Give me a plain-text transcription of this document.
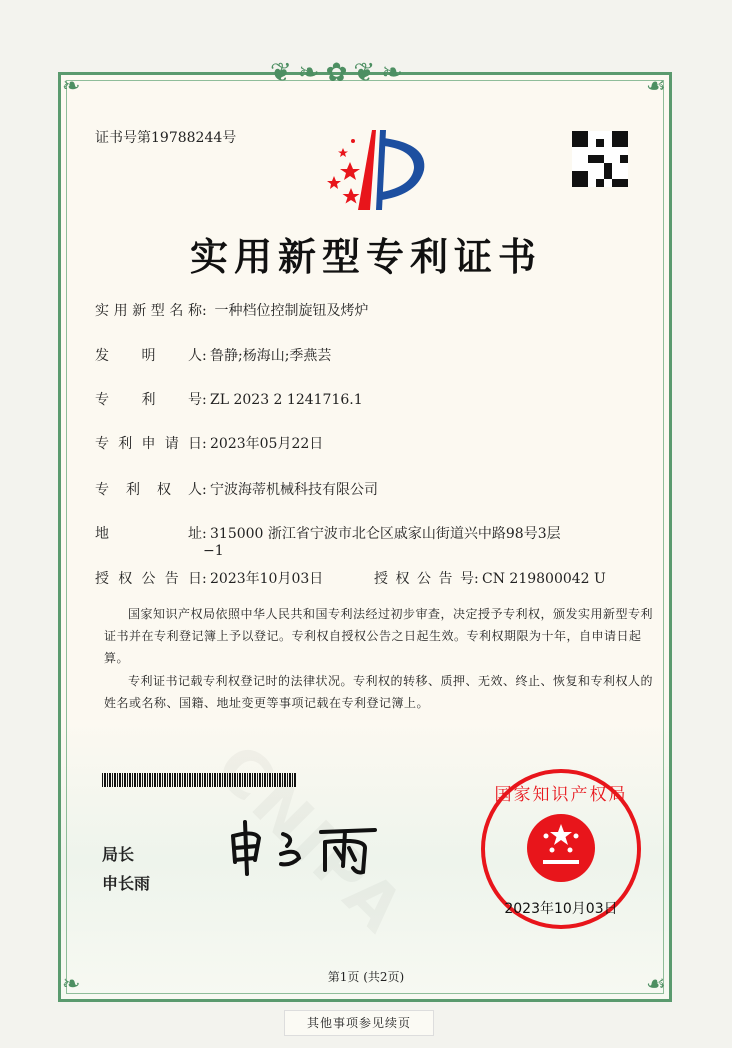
❦❧✿❦❧
❧	☙
❧	☙
证书号第19788244号
实用新型专利证书
实用新型名称: 一种档位控制旋钮及烤炉
发明人: 鲁静;杨海山;季燕芸
专利号: ZL 2023 2 1241716.1
专利申请日: 2023年05月22日
专利权人: 宁波海蒂机械科技有限公司
地址: 315000 浙江省宁波市北仑区戚家山街道兴中路98号3层
−1
授权公告日: 2023年10月03日	授权公告号: CN 219800042 U
国家知识产权局依照中华人民共和国专利法经过初步审查，决定授予专利权，颁发实用新型专利证书并在专利登记簿上予以登记。专利权自授权公告之日起生效。专利权期限为十年，自申请日起算。
专利证书记载专利权登记时的法律状况。专利权的转移、质押、无效、终止、恢复和专利权人的姓名或名称、国籍、地址变更等事项记载在专利登记簿上。
局长
申长雨
国家知识产权局
2023年10月03日
第1页 (共2页)
其他事项参见续页
